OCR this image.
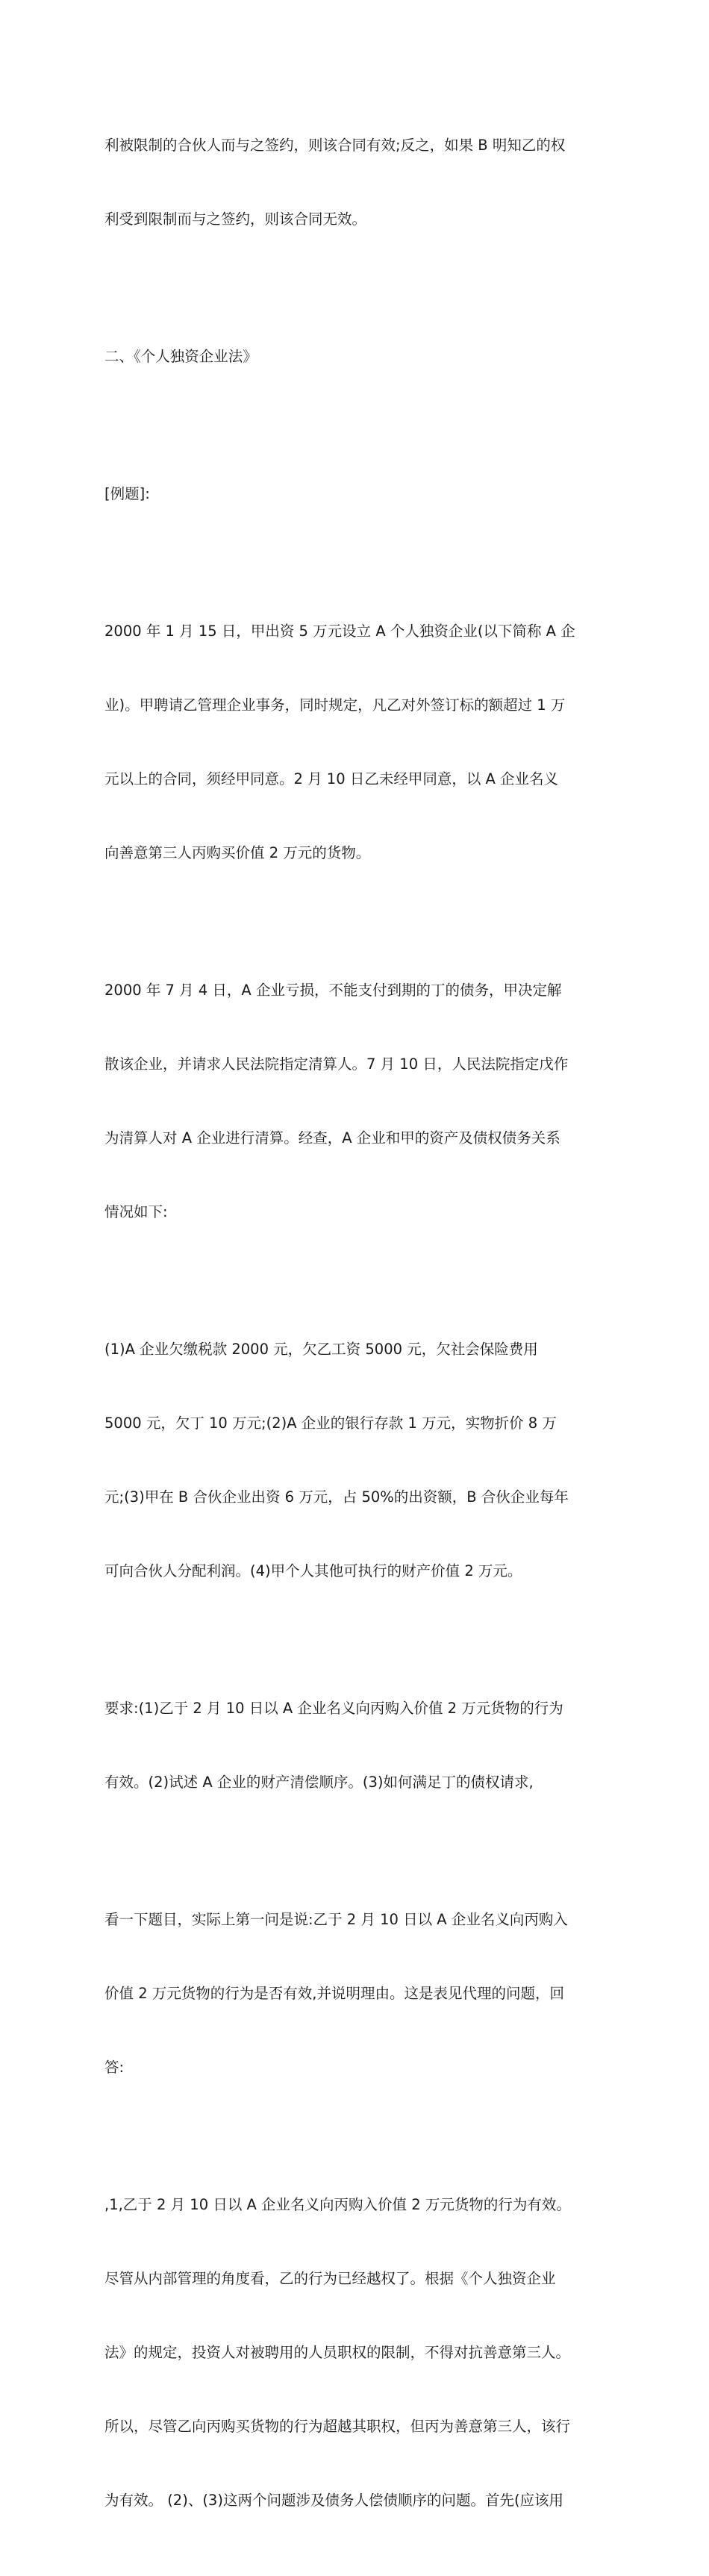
利被限制的合伙人而与之签约，则该合同有效;反之，如果 B 明知乙的权

利受到限制而与之签约，则该合同无效。

二、《个人独资企业法》

[例题]:

2000 年 1 月 15 日，甲出资 5 万元设立 A 个人独资企业(以下简称 A 企

业)。甲聘请乙管理企业事务，同时规定，凡乙对外签订标的额超过 1 万

元以上的合同，须经甲同意。2 月 10 日乙未经甲同意，以 A 企业名义

向善意第三人丙购买价值 2 万元的货物。

2000 年 7 月 4 日，A 企业亏损，不能支付到期的丁的债务，甲决定解

散该企业，并请求人民法院指定清算人。7 月 10 日，人民法院指定戊作

为清算人对 A 企业进行清算。经查，A 企业和甲的资产及债权债务关系

情况如下:

(1)A 企业欠缴税款 2000 元，欠乙工资 5000 元，欠社会保险费用

5000 元，欠丁 10 万元;(2)A 企业的银行存款 1 万元，实物折价 8 万

元;(3)甲在 B 合伙企业出资 6 万元，占 50%的出资额，B 合伙企业每年

可向合伙人分配利润。(4)甲个人其他可执行的财产价值 2 万元。

要求:(1)乙于 2 月 10 日以 A 企业名义向丙购入价值 2 万元货物的行为

有效。(2)试述 A 企业的财产清偿顺序。(3)如何满足丁的债权请求,

看一下题目，实际上第一问是说:乙于 2 月 10 日以 A 企业名义向丙购入

价值 2 万元货物的行为是否有效,并说明理由。这是表见代理的问题，回

答:

,1,乙于 2 月 10 日以 A 企业名义向丙购入价值 2 万元货物的行为有效。

尽管从内部管理的角度看，乙的行为已经越权了。根据《个人独资企业

法》的规定，投资人对被聘用的人员职权的限制，不得对抗善意第三人。

所以，尽管乙向丙购买货物的行为超越其职权，但丙为善意第三人，该行

为有效。 (2)、(3)这两个问题涉及债务人偿债顺序的问题。首先(应该用
